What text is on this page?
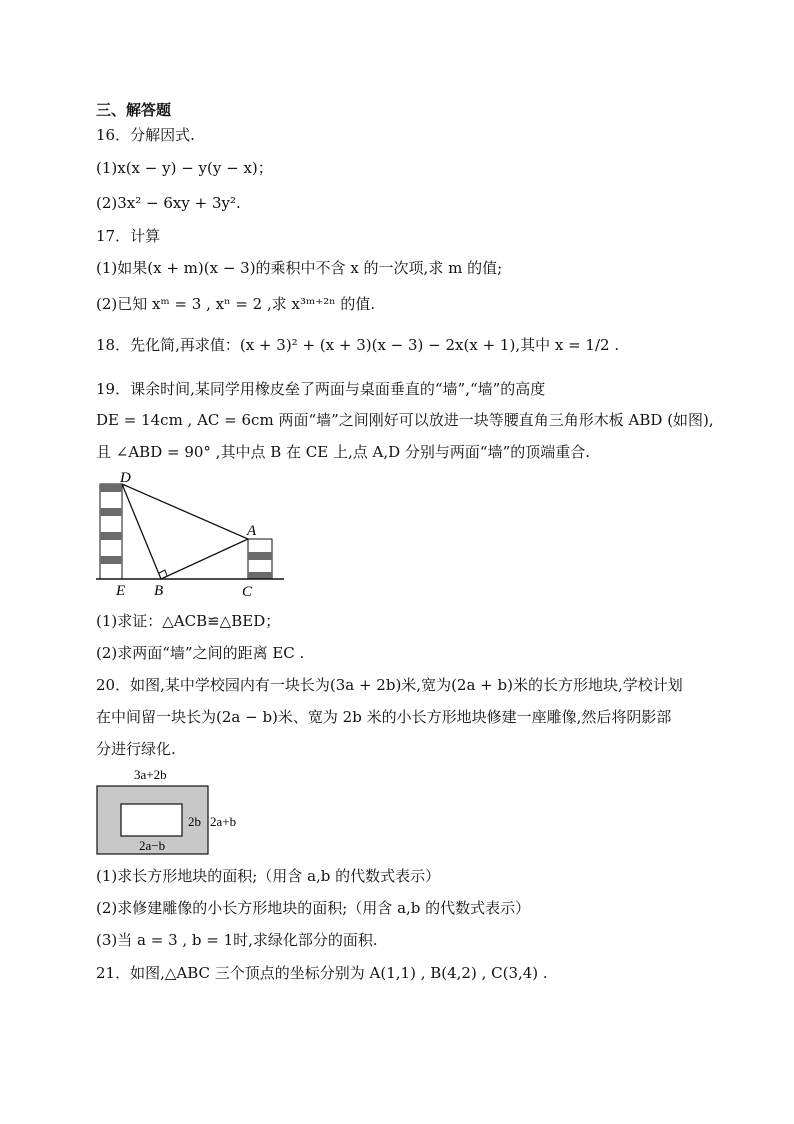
三、解答题
16．分解因式.
(1)x(x − y) − y(y − x)；
(2)3x² − 6xy + 3y².
17．计算
(1)如果(x + m)(x − 3)的乘积中不含 x 的一次项,求 m 的值;
(2)已知 xᵐ = 3 , xⁿ = 2 ,求 x³ᵐ⁺²ⁿ 的值.
18．先化简,再求值：(x + 3)² + (x + 3)(x − 3) − 2x(x + 1),其中 x = 1/2 .
19．课余时间,某同学用橡皮垒了两面与桌面垂直的“墙”,“墙”的高度
DE = 14cm , AC = 6cm 两面“墙”之间刚好可以放进一块等腰直角三角形木板 ABD (如图),
且 ∠ABD = 90° ,其中点 B 在 CE 上,点 A,D 分别与两面“墙”的顶端重合.
D
A
E B	C
(1)求证：△ACB≌△BED；
(2)求两面“墙”之间的距离 EC .
20．如图,某中学校园内有一块长为(3a + 2b)米,宽为(2a + b)米的长方形地块,学校计划
在中间留一块长为(2a − b)米、宽为 2b 米的小长方形地块修建一座雕像,然后将阴影部
分进行绿化.
3a+2b
2b 2a+b
2a−b
(1)求长方形地块的面积;（用含 a,b 的代数式表示）
(2)求修建雕像的小长方形地块的面积;（用含 a,b 的代数式表示）
(3)当 a = 3 , b = 1时,求绿化部分的面积.
21．如图,△ABC 三个顶点的坐标分别为 A(1,1) , B(4,2) , C(3,4) .
